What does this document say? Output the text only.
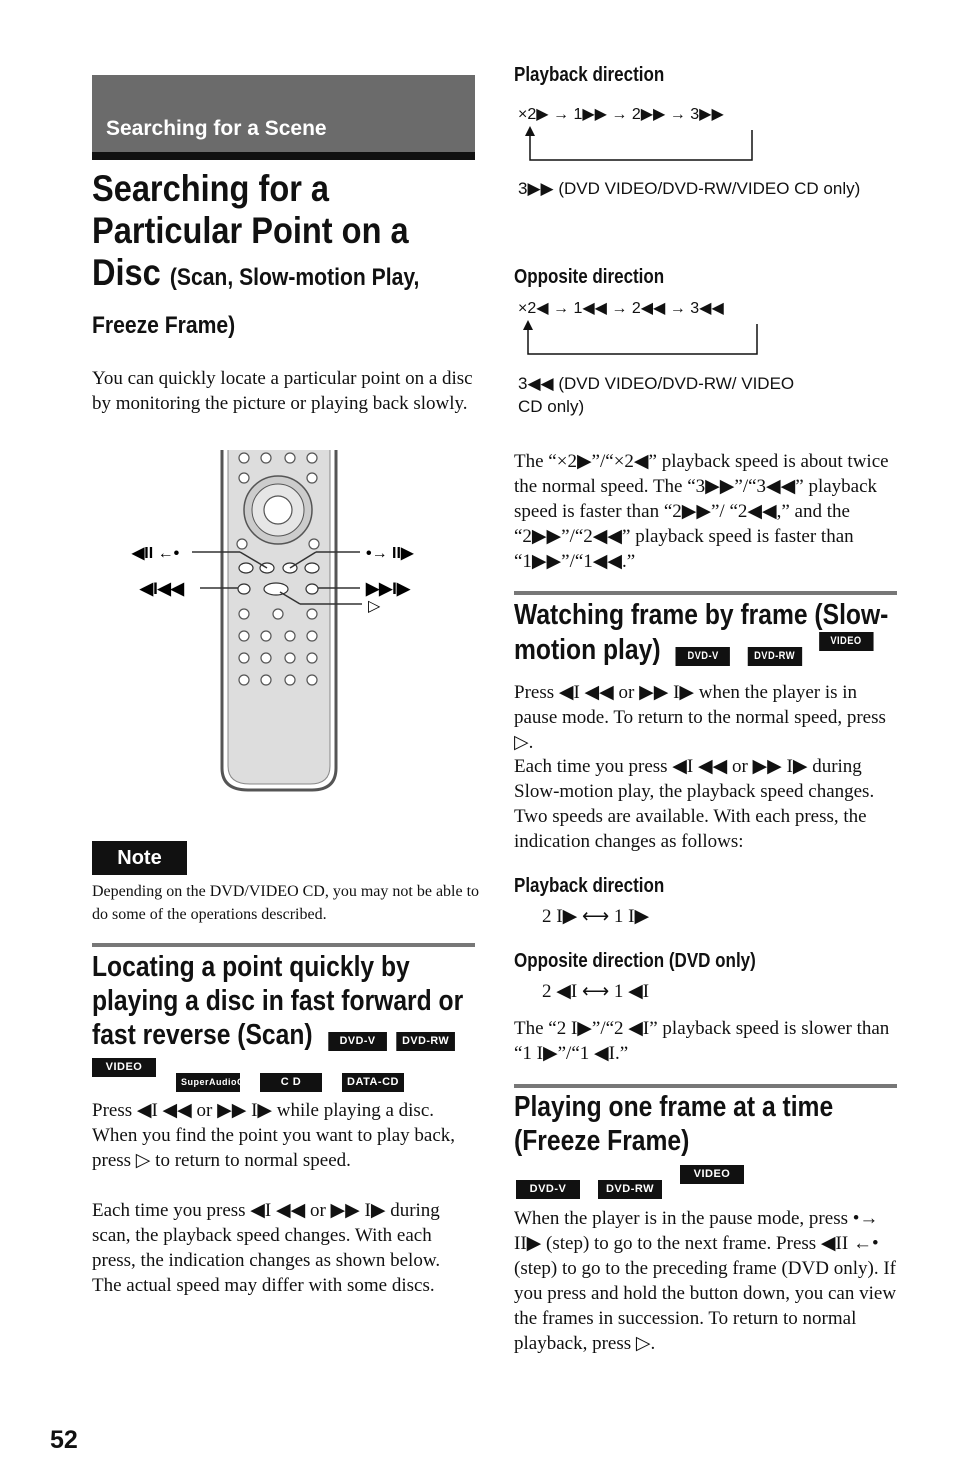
Searching for a Scene
Searching for a Particular Point on a Disc (Scan, Slow-motion Play,
Freeze Frame)
You can quickly locate a particular point on a disc by monitoring the picture or playing back slowly.
◀II ←•	•→ II▶
◀I◀◀	▶▶I▶
▷
Note
Depending on the DVD/VIDEO CD, you may not be able to do some of the operations described.
Locating a point quickly by playing a disc in fast forward or fast reverse (Scan) DVD-V DVD-RW
VIDEO CD	SuperAudioCD	C D	DATA-CD
Press ◀I ◀◀ or ▶▶ I▶ while playing a disc. When you find the point you want to play back, press ▷ to return to normal speed.
Each time you press ◀I ◀◀ or ▶▶ I▶ during scan, the playback speed changes. With each press, the indication changes as shown below. The actual speed may differ with some discs.
Playback direction
×2▶ → 1▶▶ → 2▶▶ → 3▶▶
3▶▶ (DVD VIDEO/DVD-RW/VIDEO CD only)
Opposite direction
×2◀ → 1◀◀ → 2◀◀ → 3◀◀
3◀◀ (DVD VIDEO/DVD-RW/ VIDEO CD only)
The “×2▶”/“×2◀” playback speed is about twice the normal speed. The “3▶▶”/“3◀◀” playback speed is faster than “2▶▶”/ “2◀◀,” and the “2▶▶”/“2◀◀” playback speed is faster than “1▶▶”/“1◀◀.”
Watching frame by frame (Slow-motion play) DVD-V	DVD-RW VIDEO CD
Press ◀I ◀◀ or ▶▶ I▶ when the player is in pause mode. To return to the normal speed, press ▷.
Each time you press ◀I ◀◀ or ▶▶ I▶ during Slow-motion play, the playback speed changes. Two speeds are available. With each press, the indication changes as follows:
Playback direction
2 I▶ ⟷ 1 I▶
Opposite direction (DVD only)
2 ◀I ⟷ 1 ◀I
The “2 I▶”/“2 ◀I” playback speed is slower than “1 I▶”/“1 ◀I.”
Playing one frame at a time (Freeze Frame)
DVD-V	DVD-RW VIDEO CD
When the player is in the pause mode, press •→ II▶ (step) to go to the next frame. Press ◀II ←• (step) to go to the preceding frame (DVD only). If you press and hold the button down, you can view the frames in succession. To return to normal playback, press ▷.
52
